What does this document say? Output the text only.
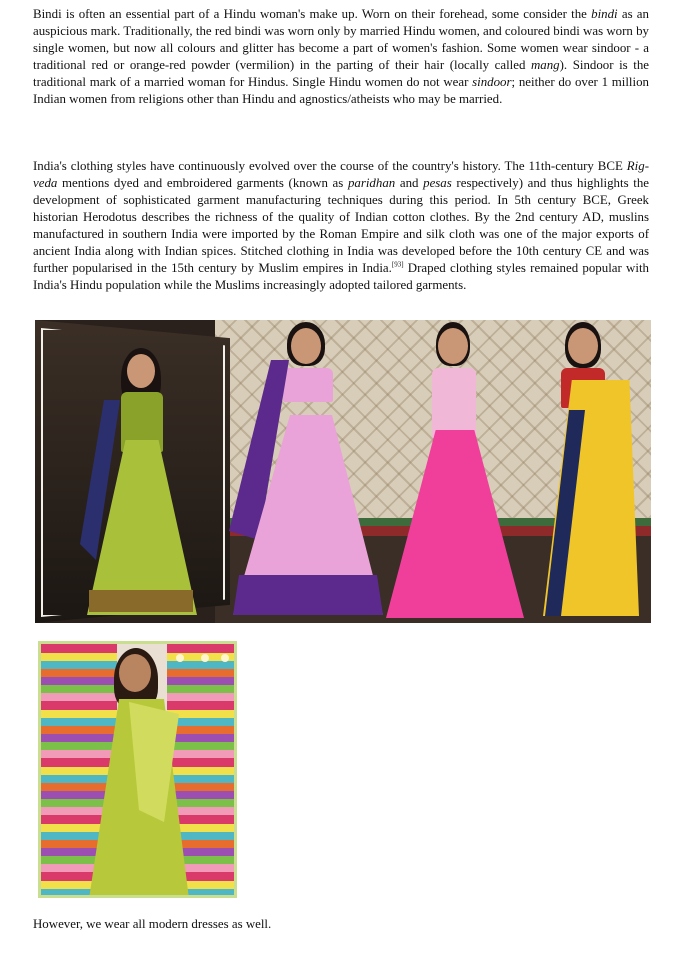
Bindi is often an essential part of a Hindu woman's make up. Worn on their forehead, some consider the bindi as an auspicious mark. Traditionally, the red bindi was worn only by married Hindu women, and coloured bindi was worn by single women, but now all colours and glitter has become a part of women's fashion. Some women wear sindoor - a traditional red or orange-red powder (vermilion) in the parting of their hair (locally called mang). Sindoor is the traditional mark of a married woman for Hindus. Single Hindu women do not wear sindoor; neither do over 1 million Indian women from religions other than Hindu and agnostics/atheists who may be married.

India's clothing styles have continuously evolved over the course of the country's history. The 11th-century BCE Rig-veda mentions dyed and embroidered garments (known as paridhan and pesas respectively) and thus highlights the development of sophisticated garment manufacturing techniques during this period. In 5th century BCE, Greek historian Herodotus describes the richness of the quality of Indian cotton clothes. By the 2nd century AD, muslins manufactured in southern India were imported by the Roman Empire and silk cloth was one of the major exports of ancient India along with Indian spices. Stitched clothing in India was developed before the 10th century CE and was further popularised in the 15th century by Muslim empires in India.[93] Draped clothing styles remained popular with India's Hindu population while the Muslims increasingly adopted tailored garments.

However, we wear all modern dresses as well.
